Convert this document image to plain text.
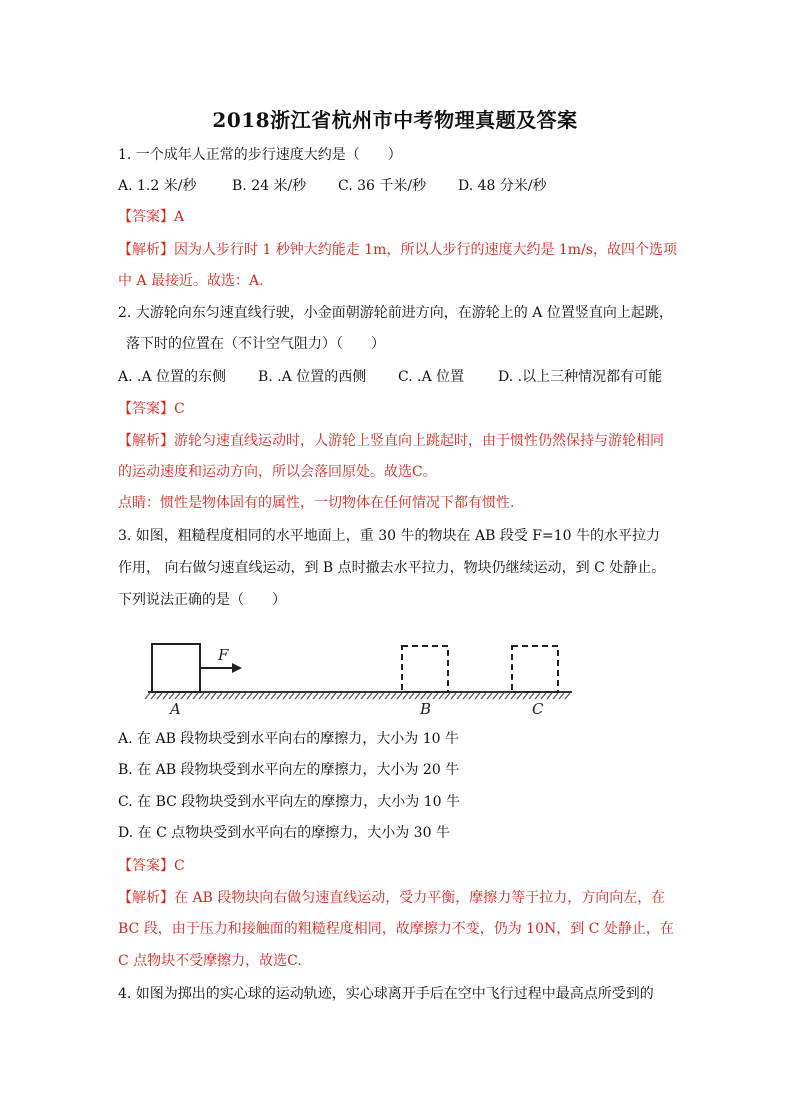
2018浙江省杭州市中考物理真题及答案
1. 一个成年人正常的步行速度大约是（　　）
A. 1.2 米/秒	B. 24 米/秒 C. 36 千米/秒 D. 48 分米/秒
【答案】A
【解析】因为人步行时 1 秒钟大约能走 1m，所以人步行的速度大约是 1m/s，故四个选项
中 A 最接近。故选：A.
2. 大游轮向东匀速直线行驶，小金面朝游轮前进方向，在游轮上的 A 位置竖直向上起跳，
落下时的位置在（不计空气阻力）（　　）
A. .A 位置的东侧 B. .A 位置的西侧 C. .A 位置 D. .以上三种情况都有可能
【答案】C
【解析】游轮匀速直线运动时，人游轮上竖直向上跳起时，由于惯性仍然保持与游轮相同
的运动速度和运动方向，所以会落回原处。故选C。
点睛：惯性是物体固有的属性，一切物体在任何情况下都有惯性.
3. 如图，粗糙程度相同的水平地面上，重 30 牛的物块在 AB 段受 F=10 牛的水平拉力
作用， 向右做匀速直线运动，到 B 点时撤去水平拉力，物块仍继续运动，到 C 处静止。
下列说法正确的是（　　）
F
A	B	C
A. 在 AB 段物块受到水平向右的摩擦力，大小为 10 牛
B. 在 AB 段物块受到水平向左的摩擦力，大小为 20 牛
C. 在 BC 段物块受到水平向左的摩擦力，大小为 10 牛
D. 在 C 点物块受到水平向右的摩擦力，大小为 30 牛
【答案】C
【解析】在 AB 段物块向右做匀速直线运动，受力平衡，摩擦力等于拉力，方向向左，在
BC 段，由于压力和接触面的粗糙程度相同，故摩擦力不变，仍为 10N，到 C 处静止，在
C 点物块不受摩擦力，故选C.
4. 如图为掷出的实心球的运动轨迹，实心球离开手后在空中飞行过程中最高点所受到的
